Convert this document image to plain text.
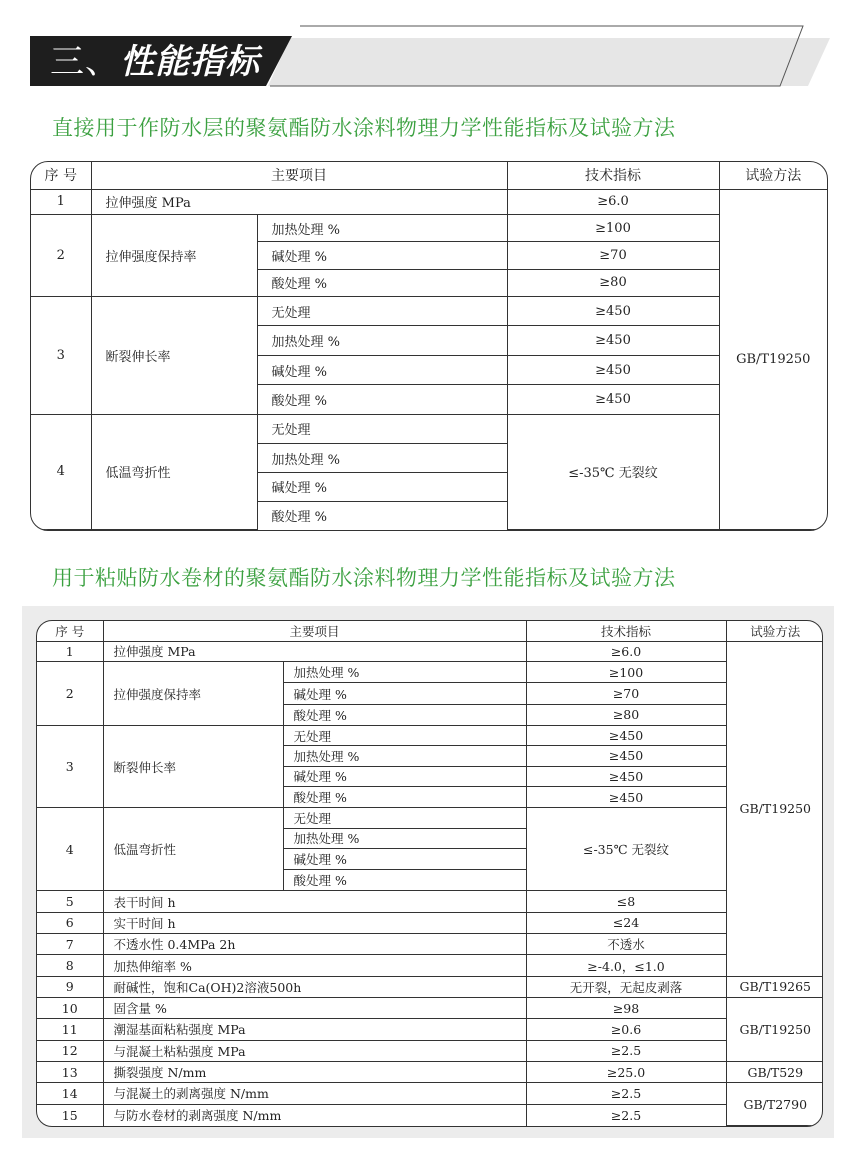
三、性能指标
直接用于作防水层的聚氨酯防水涂料物理力学性能指标及试验方法
序 号	主要项目		技术指标	试验方法
1	拉伸强度 MPa		≥6.0	GB/T19250
2	拉伸强度保持率	加热处理 %	≥100	
		碱处理 %	≥70	
		酸处理 %	≥80	
3	断裂伸长率	无处理	≥450	
		加热处理 %	≥450	
		碱处理 %	≥450	
		酸处理 %	≥450	
4	低温弯折性	无处理	≤-35℃ 无裂纹	
		加热处理 %		
		碱处理 %		
		酸处理 %		
用于粘贴防水卷材的聚氨酯防水涂料物理力学性能指标及试验方法
序 号	主要项目		技术指标	试验方法
1	拉伸强度 MPa		≥6.0	GB/T19250
2	拉伸强度保持率	加热处理 %	≥100	
		碱处理 %	≥70	
		酸处理 %	≥80	
3	断裂伸长率	无处理	≥450	
		加热处理 %	≥450	
		碱处理 %	≥450	
		酸处理 %	≥450	
4	低温弯折性	无处理	≤-35℃ 无裂纹	
		加热处理 %		
		碱处理 %		
		酸处理 %		
5	表干时间 h		≤8	
6	实干时间 h		≤24	
7	不透水性 0.4MPa 2h		不透水	
8	加热伸缩率 %		≥-4.0，≤1.0	
9	耐碱性，饱和Ca(OH)2溶液500h		无开裂，无起皮剥落	GB/T19265
10	固含量 %		≥98	GB/T19250
11	潮湿基面粘粘强度 MPa		≥0.6	
12	与混凝土粘粘强度 MPa		≥2.5	
13	撕裂强度 N/mm		≥25.0	GB/T529
14	与混凝土的剥离强度 N/mm		≥2.5	GB/T2790
15	与防水卷材的剥离强度 N/mm		≥2.5	
